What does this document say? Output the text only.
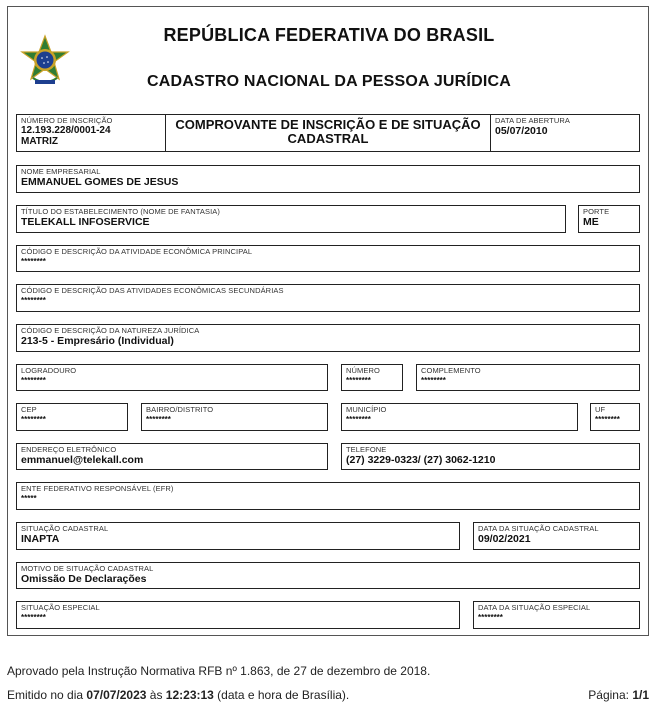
REPÚBLICA FEDERATIVA DO BRASIL
CADASTRO NACIONAL DA PESSOA JURÍDICA
NÚMERO DE INSCRIÇÃO
12.193.228/0001-24
MATRIZ
COMPROVANTE DE INSCRIÇÃO E DE SITUAÇÃO
CADASTRAL
DATA DE ABERTURA
05/07/2010
NOME EMPRESARIAL
EMMANUEL GOMES DE JESUS
TÍTULO DO ESTABELECIMENTO (NOME DE FANTASIA)
TELEKALL INFOSERVICE
PORTE
ME
CÓDIGO E DESCRIÇÃO DA ATIVIDADE ECONÔMICA PRINCIPAL
********
CÓDIGO E DESCRIÇÃO DAS ATIVIDADES ECONÔMICAS SECUNDÁRIAS
********
CÓDIGO E DESCRIÇÃO DA NATUREZA JURÍDICA
213-5 - Empresário (Individual)
LOGRADOURO
********
NÚMERO
********
COMPLEMENTO
********
CEP
********
BAIRRO/DISTRITO
********
MUNICÍPIO
********
UF
********
ENDEREÇO ELETRÔNICO
emmanuel@telekall.com
TELEFONE
(27) 3229-0323/ (27) 3062-1210
ENTE FEDERATIVO RESPONSÁVEL (EFR)
*****
SITUAÇÃO CADASTRAL
INAPTA
DATA DA SITUAÇÃO CADASTRAL
09/02/2021
MOTIVO DE SITUAÇÃO CADASTRAL
Omissão De Declarações
SITUAÇÃO ESPECIAL
********
DATA DA SITUAÇÃO ESPECIAL
********
Aprovado pela Instrução Normativa RFB nº 1.863, de 27 de dezembro de 2018.
Emitido no dia 07/07/2023 às 12:23:13 (data e hora de Brasília).	Página: 1/1
